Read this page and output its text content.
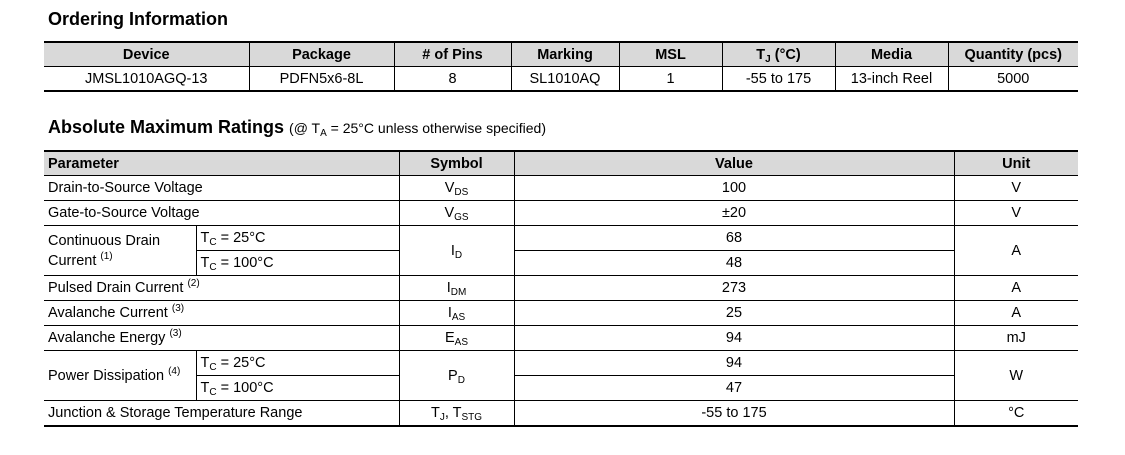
Ordering Information
Device	Package	# of Pins	Marking	MSL	$T_J$ (°C)	Media	Quantity (pcs)
JMSL1010AGQ-13	PDFN5x6-8L	8	SL1010AQ	1	-55 to 175	13-inch Reel	5000
Absolute Maximum Ratings (@ $T_A = 25^\circ C$ unless otherwise specified)
Parameter		Symbol	Value	Unit
Drain-to-Source Voltage		$V_{DS}$	100	V
Gate-to-Source Voltage		$V_{GS}$	±20	V
Continuous Drain
Current $^{(1)}$	$T_C = 25^\circ C$	$I_D$	68	A
	$T_C = 100^\circ C$		48	
Pulsed Drain Current $^{(2)}$		$I_{DM}$	273	A
Avalanche Current $^{(3)}$		$I_{AS}$	25	A
Avalanche Energy $^{(3)}$		$E_{AS}$	94	mJ
Power Dissipation $^{(4)}$	$T_C = 25^\circ C$	$P_D$	94	W
	$T_C = 100^\circ C$		47	
Junction & Storage Temperature Range		$T_J$, $T_{STG}$	-55 to 175	°C
